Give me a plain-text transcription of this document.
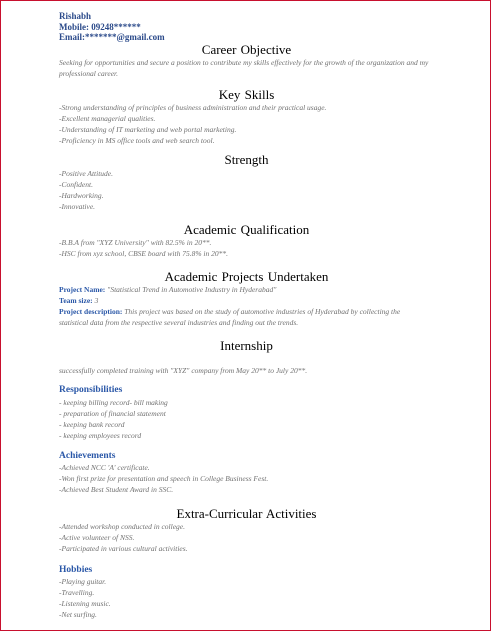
Rishabh
Mobile: 09248******
Email:*******@gmail.com
Career Objective
Seeking for opportunities and secure a position to contribute my skills effectively for the growth of the organization and my professional career.
Key Skills
-Strong understanding of principles of business administration and their practical usage.
-Excellent managerial qualities.
-Understanding of IT marketing and web portal marketing.
-Proficiency in MS office tools and web search tool.
Strength
-Positive Attitude.
-Confident.
-Hardworking.
-Innovative.
Academic Qualification
-B.B.A from "XYZ University" with 82.5% in 20**.
-HSC from xyz school, CBSE board with 75.8% in 20**.
Academic Projects Undertaken
Project Name: "Statistical Trend in Automotive Industry in Hyderabad"
Team size: 3
Project description: This project was based on the study of automotive industries of Hyderabad by collecting the statistical data from the respective several industries and finding out the trends.
Internship
successfully completed training with "XYZ" company from May 20** to July 20**.
Responsibilities
- keeping billing record- bill making
- preparation of financial statement
- keeping bank record
- keeping employees record
Achievements
-Achieved NCC 'A' certificate.
-Won first prize for presentation and speech in College Business Fest.
-Achieved Best Student Award in SSC.
Extra-Curricular Activities
-Attended workshop conducted in college.
-Active volunteer of NSS.
-Participated in various cultural activities.
Hobbies
-Playing guitar.
-Travelling.
-Listening music.
-Net surfing.
